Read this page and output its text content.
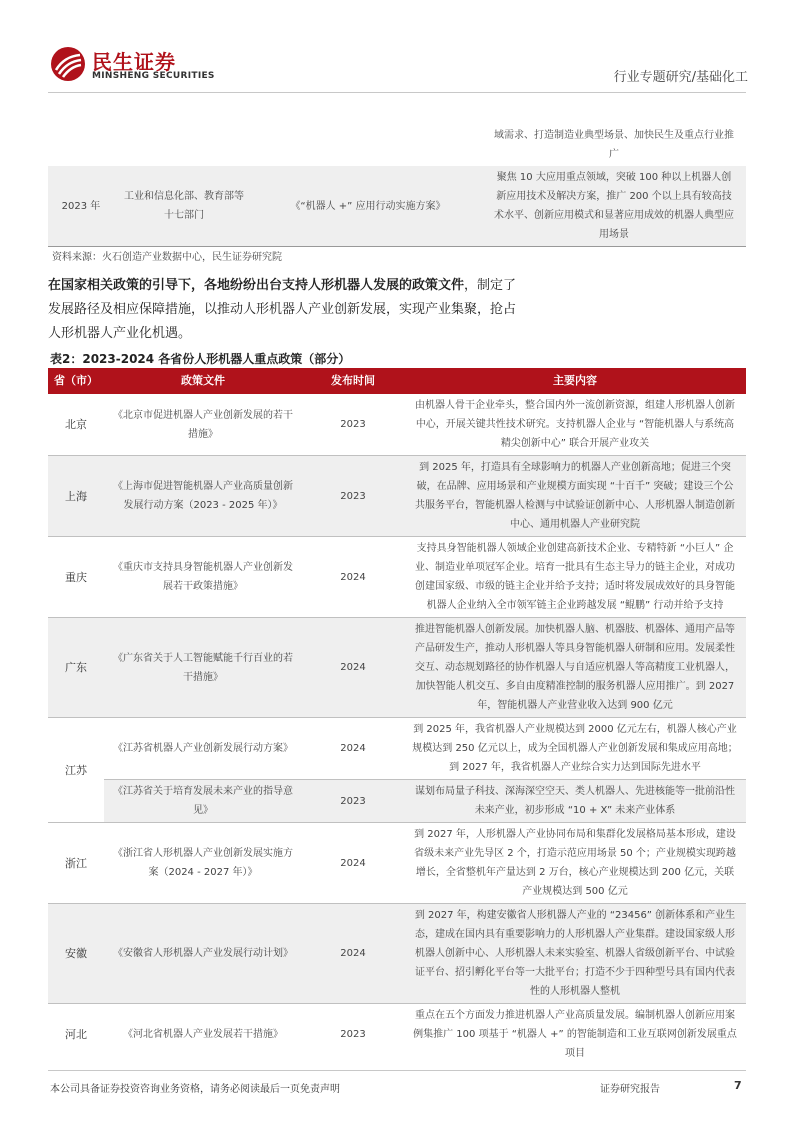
民生证券
MINSHENG SECURITIES	行业专题研究/基础化工
			域需求、打造制造业典型场景、加快民生及重点行业推广
2023 年	工业和信息化部、教育部等十七部门	《“机器人 +” 应用行动实施方案》	聚焦 10 大应用重点领域，突破 100 种以上机器人创新应用技术及解决方案，推广 200 个以上具有较高技术水平、创新应用模式和显著应用成效的机器人典型应用场景
资料来源：火石创造产业数据中心，民生证券研究院
在国家相关政策的引导下，各地纷纷出台支持人形机器人发展的政策文件，制定了发展路径及相应保障措施，以推动人形机器人产业创新发展，实现产业集聚，抢占人形机器人产业化机遇。
表2：2023-2024 各省份人形机器人重点政策（部分）
省（市）	政策文件	发布时间	主要内容
北京	《北京市促进机器人产业创新发展的若干措施》	2023	由机器人骨干企业牵头，整合国内外一流创新资源，组建人形机器人创新中心，开展关键共性技术研究。支持机器人企业与 “智能机器人与系统高精尖创新中心” 联合开展产业攻关
上海	《上海市促进智能机器人产业高质量创新发展行动方案（2023 - 2025 年）》	2023	到 2025 年，打造具有全球影响力的机器人产业创新高地；促进三个突破，在品牌、应用场景和产业规模方面实现 “十百千” 突破；建设三个公共服务平台，智能机器人检测与中试验证创新中心、人形机器人制造创新中心、通用机器人产业研究院
重庆	《重庆市支持具身智能机器人产业创新发展若干政策措施》	2024	支持具身智能机器人领域企业创建高新技术企业、专精特新 “小巨人” 企业、制造业单项冠军企业。培育一批具有生态主导力的链主企业，对成功创建国家级、市级的链主企业并给予支持；适时将发展成效好的具身智能机器人企业纳入全市领军链主企业跨越发展 “鲲鹏” 行动并给予支持
广东	《广东省关于人工智能赋能千行百业的若干措施》	2024	推进智能机器人创新发展。加快机器人脑、机器肢、机器体、通用产品等产品研发生产，推动人形机器人等具身智能机器人研制和应用。发展柔性交互、动态规划路径的协作机器人与自适应机器人等高精度工业机器人，加快智能人机交互、多自由度精准控制的服务机器人应用推广。到 2027 年，智能机器人产业营业收入达到 900 亿元
江苏	《江苏省机器人产业创新发展行动方案》	2024	到 2025 年，我省机器人产业规模达到 2000 亿元左右，机器人核心产业规模达到 250 亿元以上，成为全国机器人产业创新发展和集成应用高地；到 2027 年，我省机器人产业综合实力达到国际先进水平
	《江苏省关于培育发展未来产业的指导意见》	2023	谋划布局量子科技、深海深空空天、类人机器人、先进核能等一批前沿性未来产业，初步形成 “10 + X” 未来产业体系
浙江	《浙江省人形机器人产业创新发展实施方案（2024 - 2027 年）》	2024	到 2027 年，人形机器人产业协同布局和集群化发展格局基本形成，建设省级未来产业先导区 2 个，打造示范应用场景 50 个；产业规模实现跨越增长，全省整机年产量达到 2 万台，核心产业规模达到 200 亿元，关联产业规模达到 500 亿元
安徽	《安徽省人形机器人产业发展行动计划》	2024	到 2027 年，构建安徽省人形机器人产业的 “23456” 创新体系和产业生态，建成在国内具有重要影响力的人形机器人产业集群。建设国家级人形机器人创新中心、人形机器人未来实验室、机器人省级创新平台、中试验证平台、招引孵化平台等一大批平台；打造不少于四种型号具有国内代表性的人形机器人整机
河北	《河北省机器人产业发展若干措施》	2023	重点在五个方面发力推进机器人产业高质量发展。编制机器人创新应用案例集推广 100 项基于 “机器人 +” 的智能制造和工业互联网创新发展重点项目
本公司具备证券投资咨询业务资格，请务必阅读最后一页免责声明	证券研究报告	7
